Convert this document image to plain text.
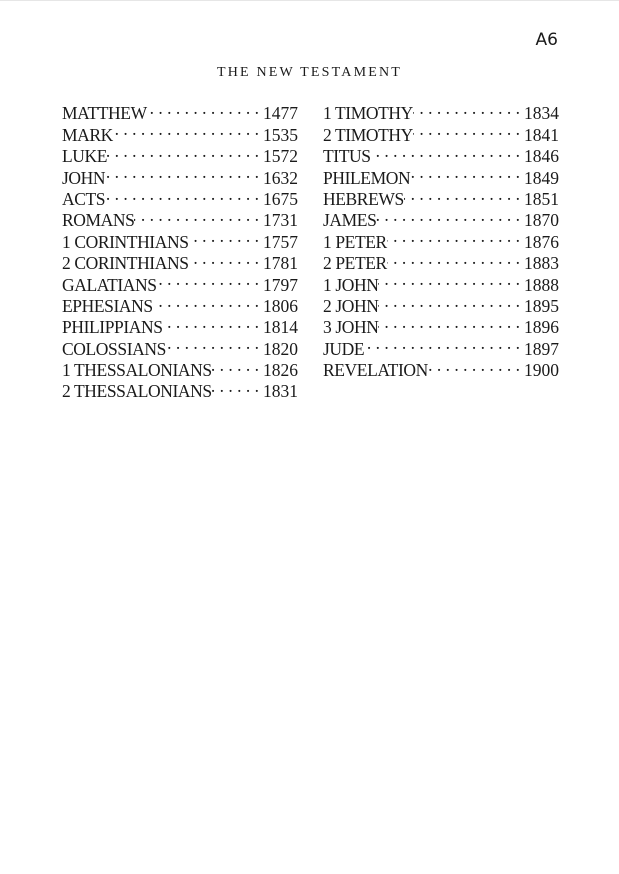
A6
THE NEW TESTAMENT
MATTHEW . . .	1477
MARK . . .	1535
LUKE . . .	1572
JOHN . . .	1632
ACTS . . .	1675
ROMANS . . .	1731
1 CORINTHIANS . . .	1757
2 CORINTHIANS . . .	1781
GALATIANS . . .	1797
EPHESIANS . . .	1806
PHILIPPIANS . . .	1814
COLOSSIANS . . .	1820
1 THESSALONIANS . . .	1826
2 THESSALONIANS . . .	1831
1 TIMOTHY . . .	1834
2 TIMOTHY . . .	1841
TITUS . . .	1846
PHILEMON . . .	1849
HEBREWS . . .	1851
JAMES . . .	1870
1 PETER . . .	1876
2 PETER . . .	1883
1 JOHN . . .	1888
2 JOHN . . .	1895
3 JOHN . . .	1896
JUDE . . .	1897
REVELATION . . .	1900
